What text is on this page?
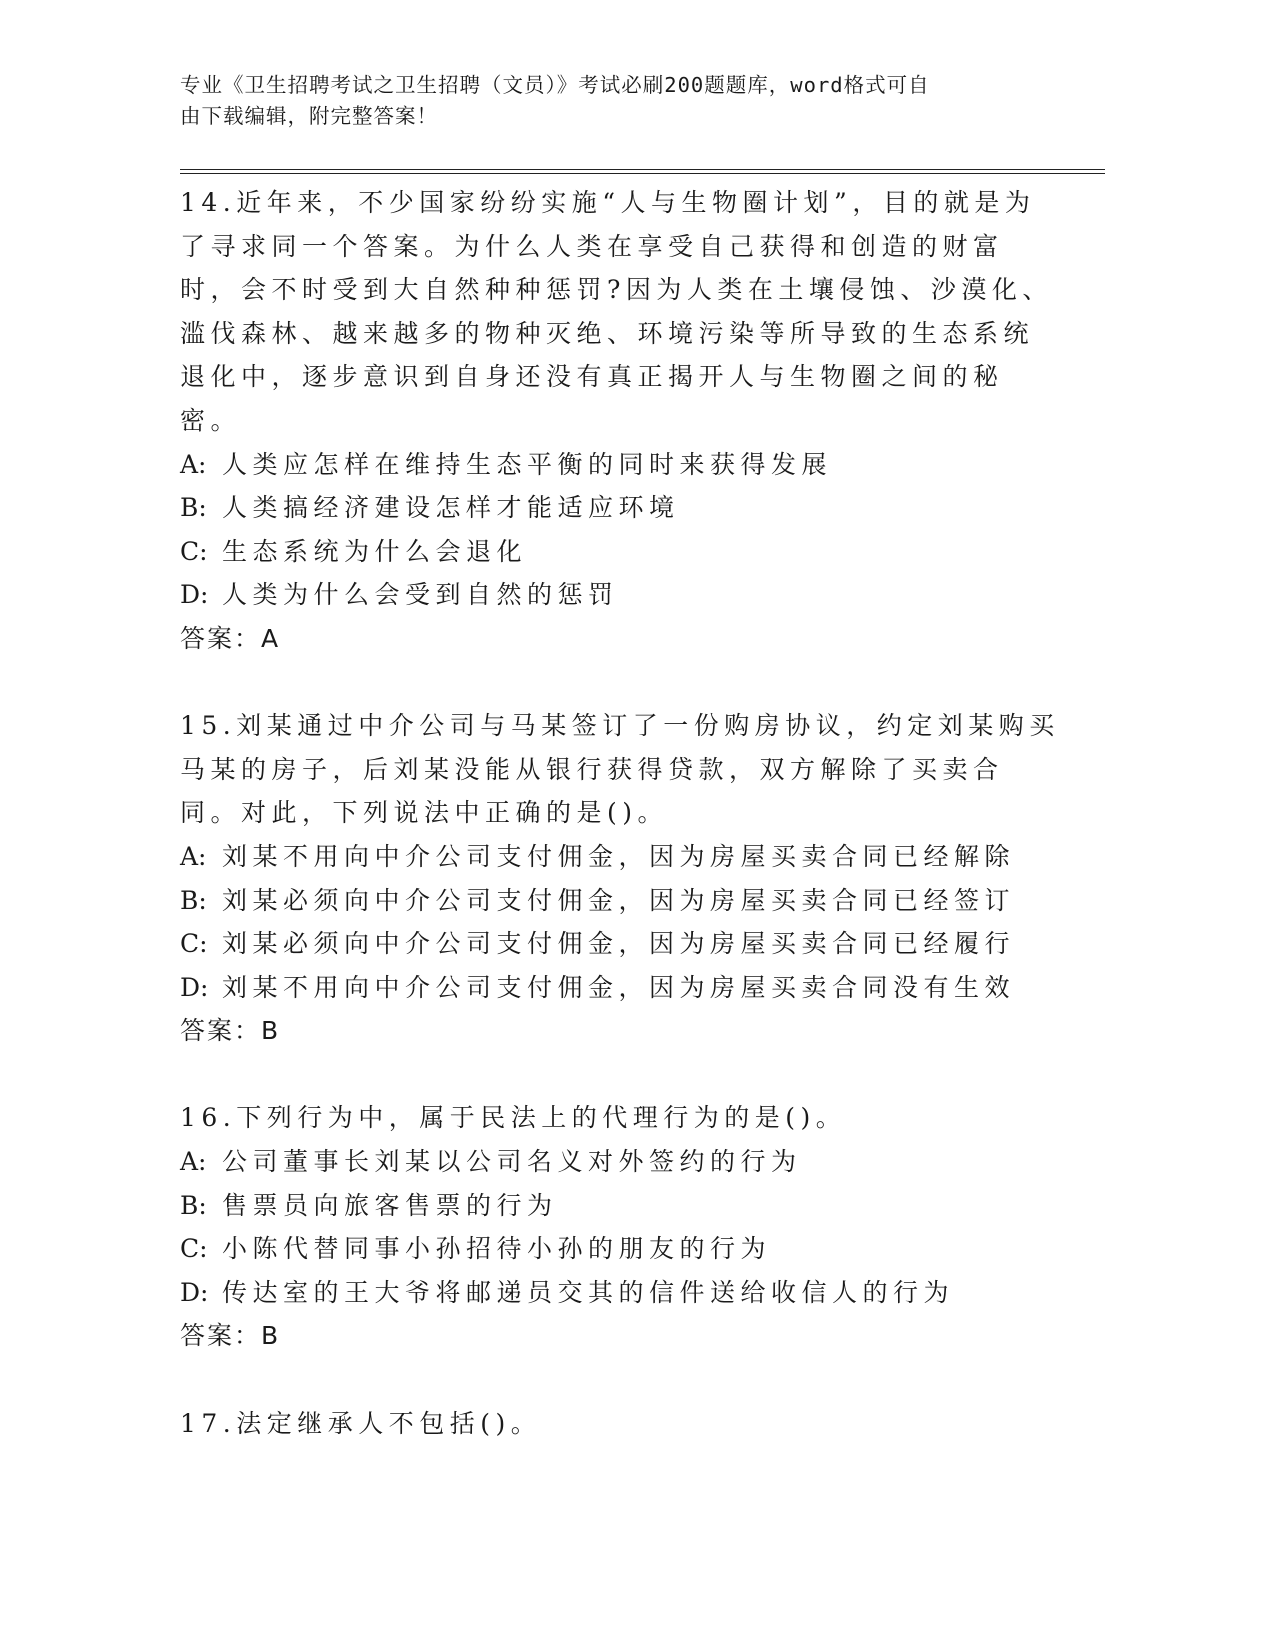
专业《卫生招聘考试之卫生招聘（文员）》考试必刷200题题库，word格式可自
由下载编辑，附完整答案！
14.近年来，不少国家纷纷实施“人与生物圈计划”，目的就是为了寻求同一个答案。为什么人类在享受自己获得和创造的财富时，会不时受到大自然种种惩罚?因为人类在土壤侵蚀、沙漠化、滥伐森林、越来越多的物种灭绝、环境污染等所导致的生态系统退化中，逐步意识到自身还没有真正揭开人与生物圈之间的秘密。
A: 人类应怎样在维持生态平衡的同时来获得发展
B: 人类搞经济建设怎样才能适应环境
C: 生态系统为什么会退化
D: 人类为什么会受到自然的惩罚
答案：A
15.刘某通过中介公司与马某签订了一份购房协议，约定刘某购买马某的房子，后刘某没能从银行获得贷款，双方解除了买卖合同。对此，下列说法中正确的是()。
A: 刘某不用向中介公司支付佣金，因为房屋买卖合同已经解除
B: 刘某必须向中介公司支付佣金，因为房屋买卖合同已经签订
C: 刘某必须向中介公司支付佣金，因为房屋买卖合同已经履行
D: 刘某不用向中介公司支付佣金，因为房屋买卖合同没有生效
答案：B
16.下列行为中，属于民法上的代理行为的是()。
A: 公司董事长刘某以公司名义对外签约的行为
B: 售票员向旅客售票的行为
C: 小陈代替同事小孙招待小孙的朋友的行为
D: 传达室的王大爷将邮递员交其的信件送给收信人的行为
答案：B
17.法定继承人不包括()。
